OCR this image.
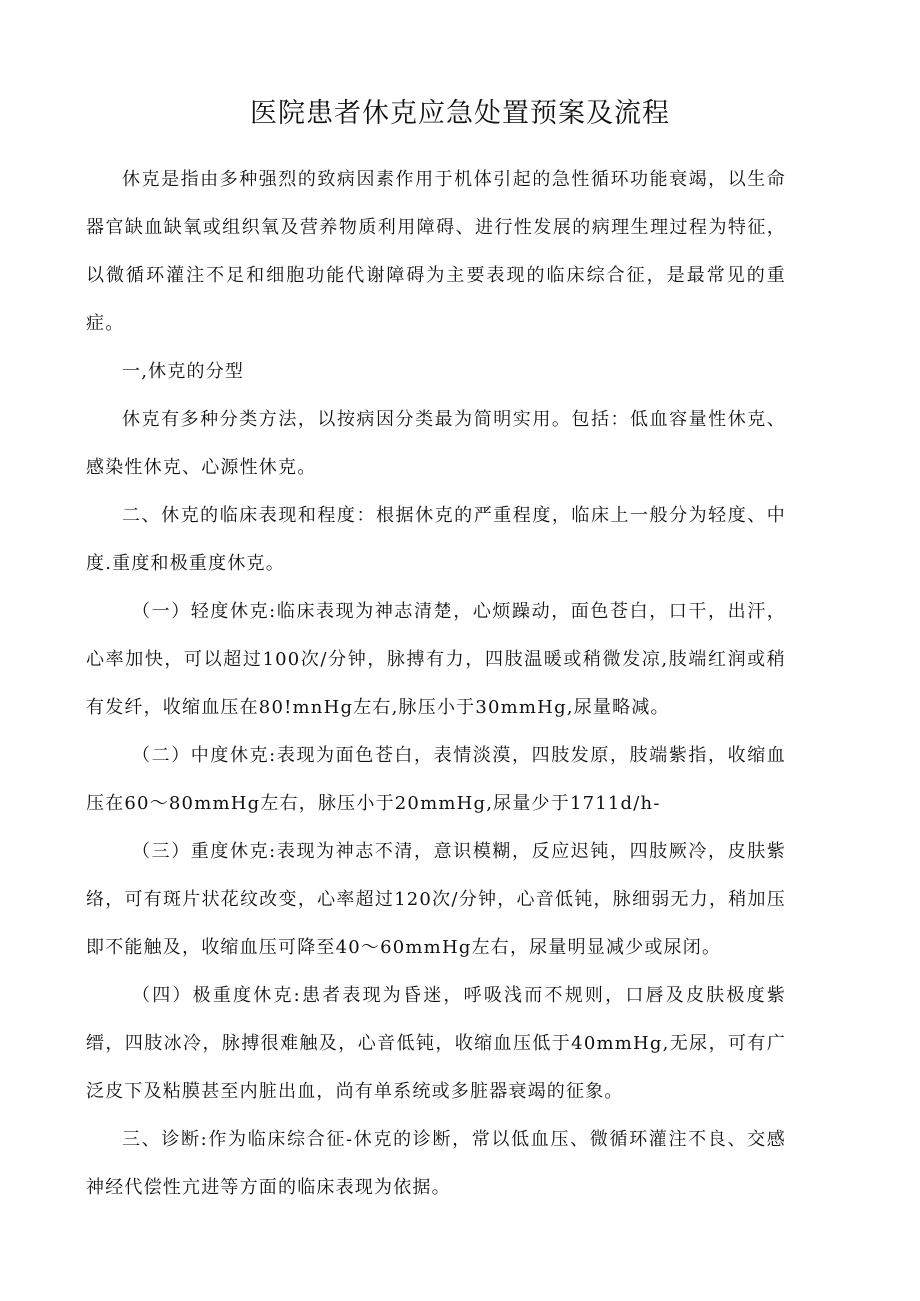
医院患者休克应急处置预案及流程

休克是指由多种强烈的致病因素作用于机体引起的急性循环功能衰竭，以生命器官缺血缺氧或组织氧及营养物质利用障碍、进行性发展的病理生理过程为特征，以微循环灌注不足和细胞功能代谢障碍为主要表现的临床综合征，是最常见的重症。

一,休克的分型

休克有多种分类方法，以按病因分类最为简明实用。包括：低血容量性休克、感染性休克、心源性休克。

二、休克的临床表现和程度：根据休克的严重程度，临床上一般分为轻度、中度.重度和极重度休克。

（一）轻度休克:临床表现为神志清楚，心烦躁动，面色苍白，口干，出汗，心率加快，可以超过100次/分钟，脉搏有力，四肢温暖或稍微发凉,肢端红润或稍有发纤，收缩血压在80!mnHg左右,脉压小于30mmHg,尿量略减。

（二）中度休克:表现为面色苍白，表情淡漠，四肢发原，肢端紫指，收缩血压在60～80mmHg左右，脉压小于20mmHg,尿量少于1711d/h-

（三）重度休克:表现为神志不清，意识模糊，反应迟钝，四肢厥冷，皮肤紫络，可有斑片状花纹改变，心率超过120次/分钟，心音低钝，脉细弱无力，稍加压即不能触及，收缩血压可降至40～60mmHg左右，尿量明显减少或尿闭。

（四）极重度休克:患者表现为昏迷，呼吸浅而不规则，口唇及皮肤极度紫缙，四肢冰冷，脉搏很难触及，心音低钝，收缩血压低于40mmHg,无尿，可有广泛皮下及粘膜甚至内脏出血，尚有单系统或多脏器衰竭的征象。

三、诊断:作为临床综合征-休克的诊断，常以低血压、微循环灌注不良、交感神经代偿性亢进等方面的临床表现为依据。
